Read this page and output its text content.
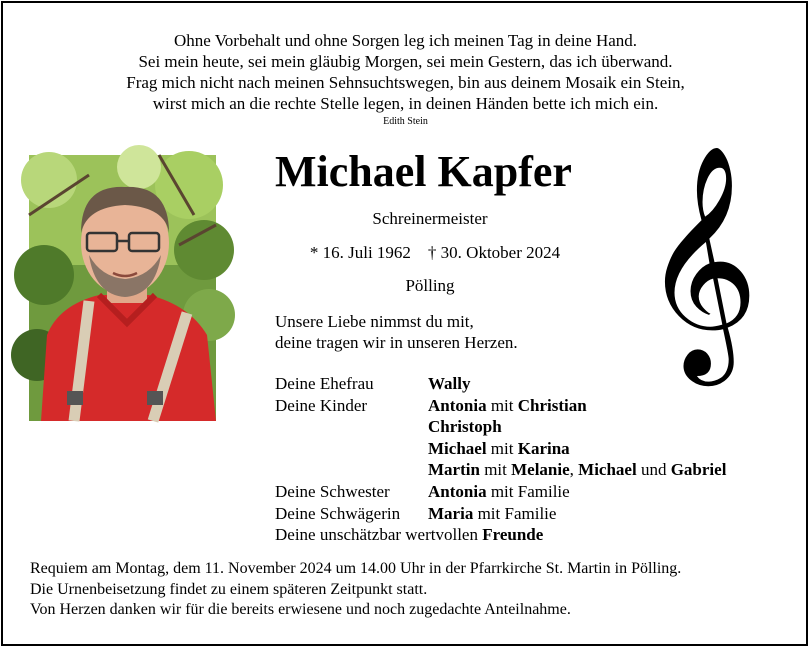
Ohne Vorbehalt und ohne Sorgen leg ich meinen Tag in deine Hand.
Sei mein heute, sei mein gläubig Morgen, sei mein Gestern, das ich überwand.
Frag mich nicht nach meinen Sehnsuchtswegen, bin aus deinem Mosaik ein Stein,
wirst mich an die rechte Stelle legen, in deinen Händen bette ich mich ein.
Edith Stein
𝄞
Michael Kapfer
Schreinermeister
* 16. Juli 1962 † 30. Oktober 2024
Pölling
Unsere Liebe nimmst du mit,
deine tragen wir in unseren Herzen.
Deine Ehefrau	Wally
Deine Kinder	Antonia mit Christian
Christoph
Michael mit Karina
Martin mit Melanie, Michael und Gabriel
Deine Schwester Antonia mit Familie
Deine Schwägerin Maria mit Familie
Deine unschätzbar wertvollen Freunde
Requiem am Montag, dem 11. November 2024 um 14.00 Uhr in der Pfarrkirche St. Martin in Pölling.
Die Urnenbeisetzung findet zu einem späteren Zeitpunkt statt.
Von Herzen danken wir für die bereits erwiesene und noch zugedachte Anteilnahme.
